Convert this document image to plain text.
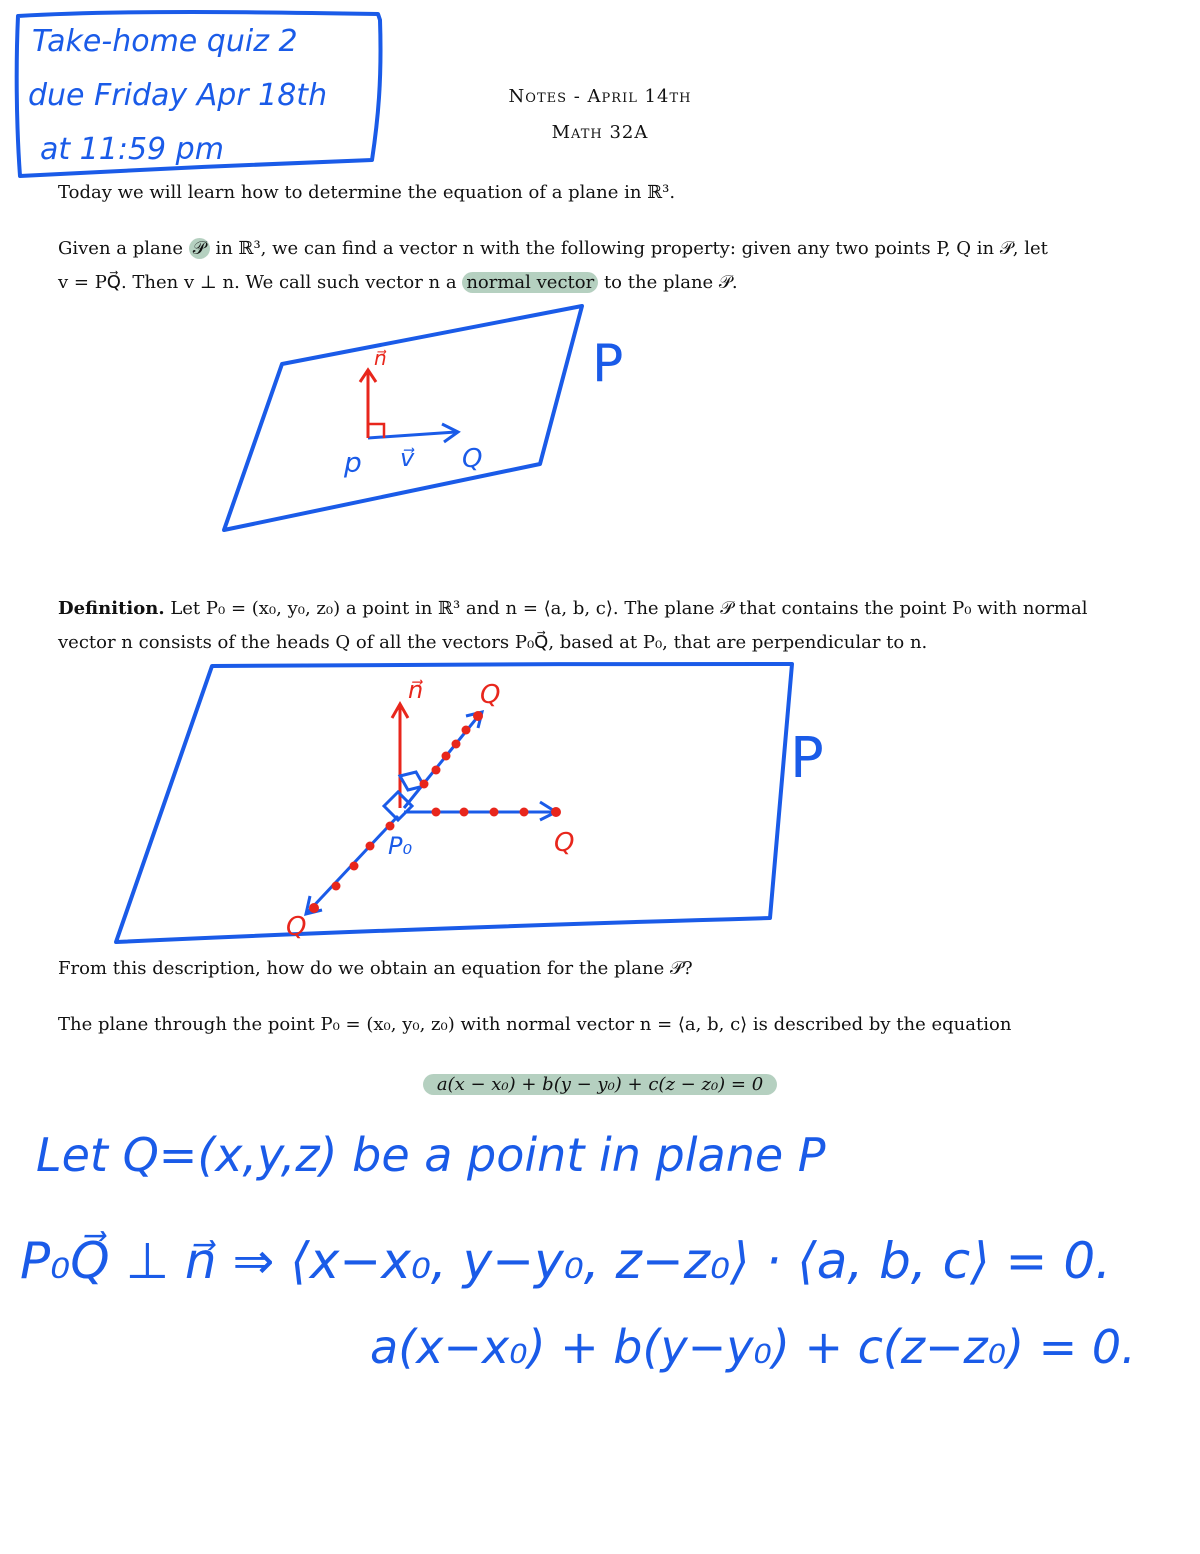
Take-home quiz 2
due Friday Apr 18th
at 11:59 pm
Notes - April 14th
Math 32A
Today we will learn how to determine the equation of a plane in ℝ³.
Given a plane 𝒫 in ℝ³, we can find a vector n with the following property: given any two points P, Q in 𝒫, let
v = PQ⃗. Then v ⊥ n. We call such vector n a normal vector to the plane 𝒫.
P
n⃗
p v⃗ Q
Definition. Let P₀ = (x₀, y₀, z₀) a point in ℝ³ and n = ⟨a, b, c⟩. The plane 𝒫 that contains the point P₀ with normal
vector n consists of the heads Q of all the vectors P₀Q⃗, based at P₀, that are perpendicular to n.
P
n⃗ Q
Q
Q
P₀
From this description, how do we obtain an equation for the plane 𝒫?
The plane through the point P₀ = (x₀, y₀, z₀) with normal vector n = ⟨a, b, c⟩ is described by the equation
a(x − x₀) + b(y − y₀) + c(z − z₀) = 0
Let Q=(x,y,z) be a point in plane P
P₀Q⃗ ⊥ n⃗ ⇒ ⟨x−x₀, y−y₀, z−z₀⟩ · ⟨a, b, c⟩ = 0.
a(x−x₀) + b(y−y₀) + c(z−z₀) = 0.
